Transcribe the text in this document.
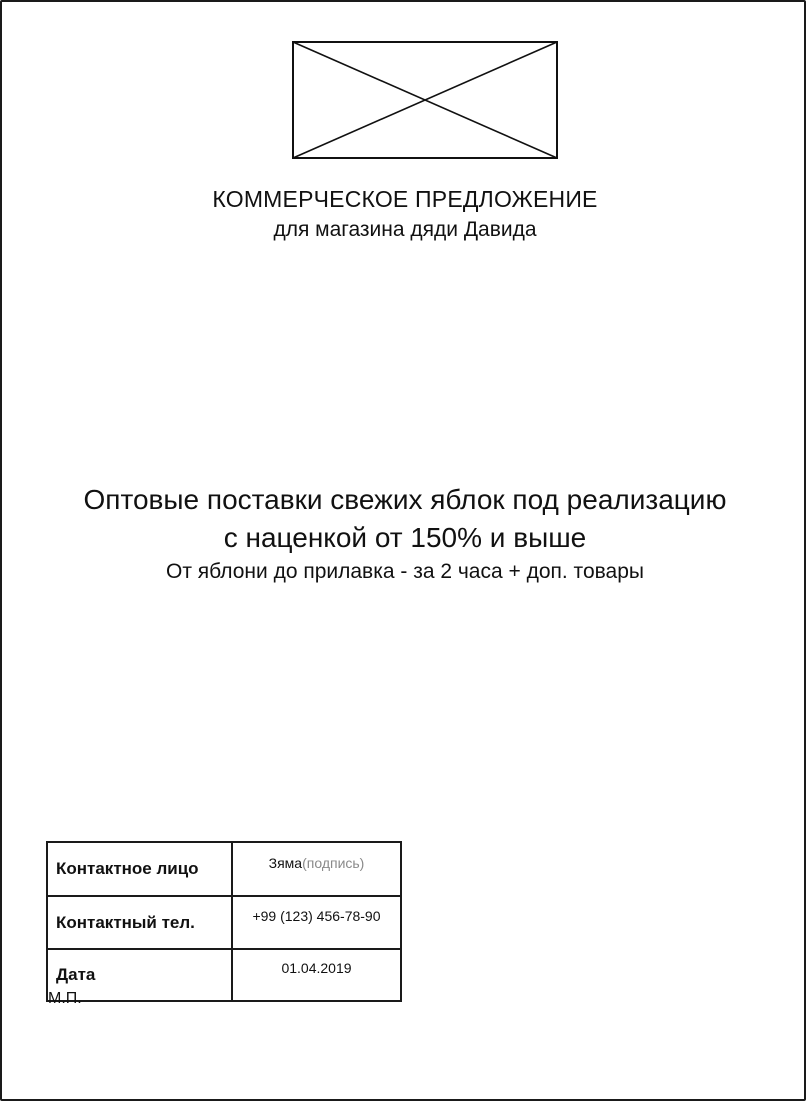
КОММЕРЧЕСКОЕ ПРЕДЛОЖЕНИЕ
для магазина дяди Давида
Оптовые поставки свежих яблок под реализацию
с наценкой от 150% и выше
От яблони до прилавка - за 2 часа + доп. товары
Контактное лицо	Зяма(подпись)
Контактный тел.	+99 (123) 456-78-90
Дата	01.04.2019
М.П.
